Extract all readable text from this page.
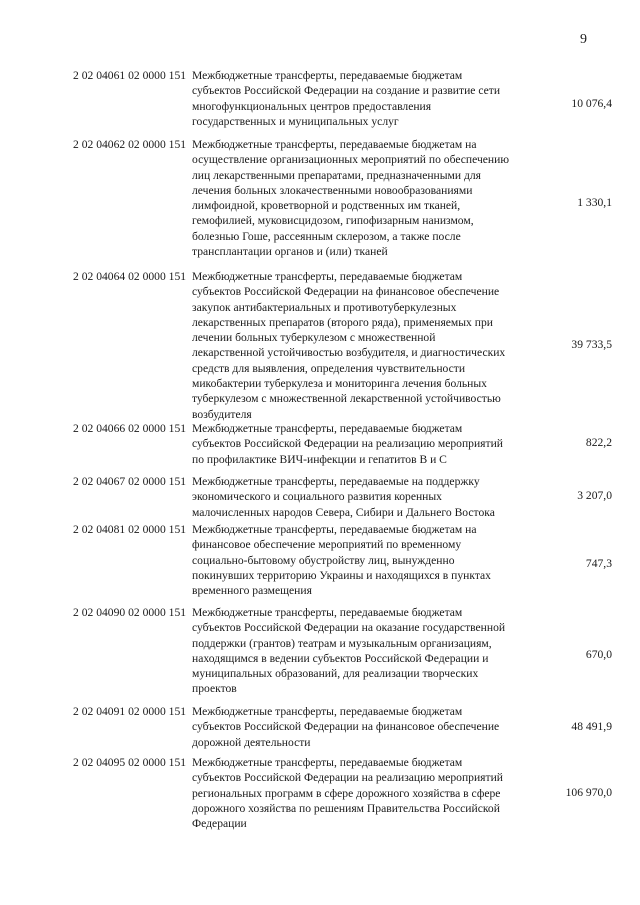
9
2 02 04061 02 0000 151 Межбюджетные трансферты, передаваемые бюджетам
субъектов Российской Федерации на создание и развитие сети
многофункциональных центров предоставления
государственных и муниципальных услуг
10 076,4
2 02 04062 02 0000 151 Межбюджетные трансферты, передаваемые бюджетам на
осуществление организационных мероприятий по обеспечению
лиц лекарственными препаратами, предназначенными для
лечения больных злокачественными новообразованиями
лимфоидной, кроветворной и родственных им тканей,
гемофилией, муковисцидозом, гипофизарным нанизмом,
болезнью Гоше, рассеянным склерозом, а также после
трансплантации органов и (или) тканей
1 330,1
2 02 04064 02 0000 151 Межбюджетные трансферты, передаваемые бюджетам
субъектов Российской Федерации на финансовое обеспечение
закупок антибактериальных и противотуберкулезных
лекарственных препаратов (второго ряда), применяемых при
лечении больных туберкулезом с множественной
лекарственной устойчивостью возбудителя, и диагностических
средств для выявления, определения чувствительности
микобактерии туберкулеза и мониторинга лечения больных
туберкулезом с множественной лекарственной устойчивостью
возбудителя
39 733,5
2 02 04066 02 0000 151 Межбюджетные трансферты, передаваемые бюджетам
субъектов Российской Федерации на реализацию мероприятий
по профилактике ВИЧ-инфекции и гепатитов В и С
822,2
2 02 04067 02 0000 151 Межбюджетные трансферты, передаваемые на поддержку
экономического и социального развития коренных
малочисленных народов Севера, Сибири и Дальнего Востока
3 207,0
2 02 04081 02 0000 151 Межбюджетные трансферты, передаваемые бюджетам на
финансовое обеспечение мероприятий по временному
социально-бытовому обустройству лиц, вынужденно
покинувших территорию Украины и находящихся в пунктах
временного размещения
747,3
2 02 04090 02 0000 151 Межбюджетные трансферты, передаваемые бюджетам
субъектов Российской Федерации на оказание государственной
поддержки (грантов) театрам и музыкальным организациям,
находящимся в ведении субъектов Российской Федерации и
муниципальных образований, для реализации творческих
проектов
670,0
2 02 04091 02 0000 151 Межбюджетные трансферты, передаваемые бюджетам
субъектов Российской Федерации на финансовое обеспечение
дорожной деятельности
48 491,9
2 02 04095 02 0000 151 Межбюджетные трансферты, передаваемые бюджетам
субъектов Российской Федерации на реализацию мероприятий
региональных программ в сфере дорожного хозяйства в сфере
дорожного хозяйства по решениям Правительства Российской
Федерации
106 970,0
